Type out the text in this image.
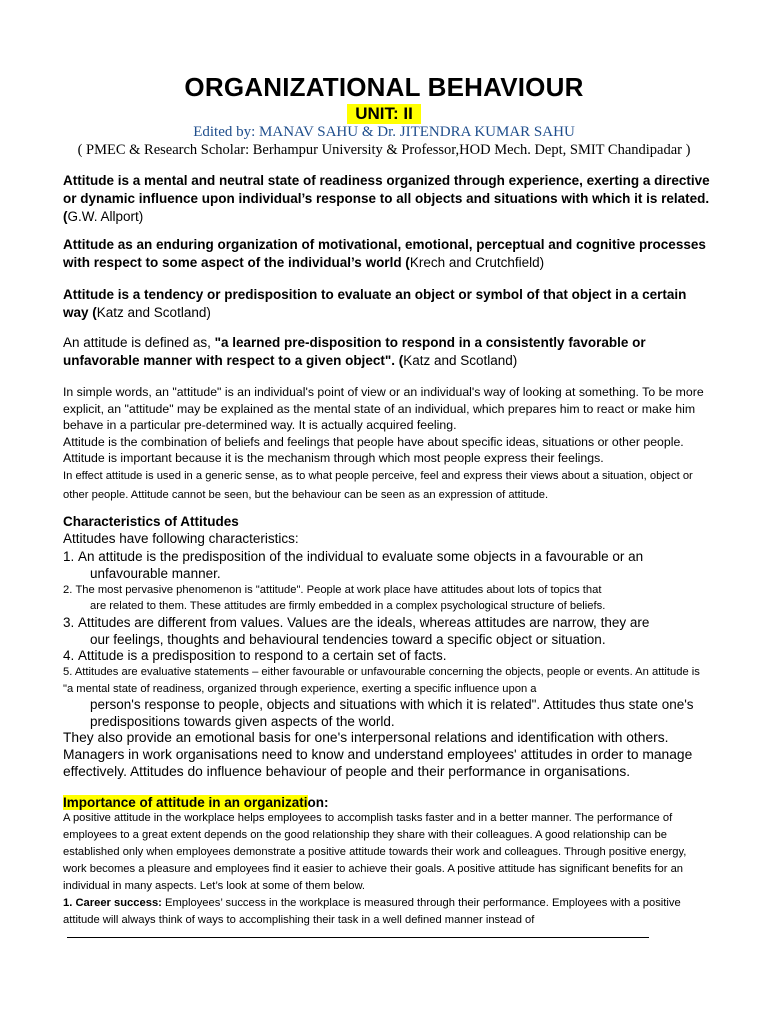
ORGANIZATIONAL BEHAVIOUR
UNIT: II
Edited by: MANAV SAHU & Dr. JITENDRA KUMAR SAHU
( PMEC & Research Scholar: Berhampur University & Professor,HOD Mech. Dept, SMIT Chandipadar )
Attitude is a mental and neutral state of readiness organized through experience, exerting a directive or dynamic influence upon individual’s response to all objects and situations with which it is related. (G.W. Allport)
Attitude as an enduring organization of motivational, emotional, perceptual and cognitive processes with respect to some aspect of the individual’s world (Krech and Crutchfield)
Attitude is a tendency or predisposition to evaluate an object or symbol of that object in a certain way (Katz and Scotland)
An attitude is defined as, "a learned pre-disposition to respond in a consistently favorable or unfavorable manner with respect to a given object". (Katz and Scotland)
In simple words, an "attitude" is an individual's point of view or an individual's way of looking at something. To be more explicit, an "attitude" may be explained as the mental state of an individual, which prepares him to react or make him behave in a particular pre-determined way. It is actually acquired feeling.
Attitude is the combination of beliefs and feelings that people have about specific ideas, situations or other people. Attitude is important because it is the mechanism through which most people express their feelings.
In effect attitude is used in a generic sense, as to what people perceive, feel and express their views about a situation, object or other people. Attitude cannot be seen, but the behaviour can be seen as an expression of attitude.
Characteristics of Attitudes
Attitudes have following characteristics:
1.
An attitude is the predisposition of the individual to evaluate some objects in a favourable or an
unfavourable manner.
2.
The most pervasive phenomenon is "attitude". People at work place have attitudes about lots of topics that
are related to them. These attitudes are firmly embedded in a complex psychological structure of beliefs.
3.
Attitudes are different from values. Values are the ideals, whereas attitudes are narrow, they are
our feelings, thoughts and behavioural tendencies toward a specific object or situation.
4.
Attitude is a predisposition to respond to a certain set of facts.
5. Attitudes are evaluative statements – either favourable or unfavourable concerning the objects, people or events. An attitude is "a mental state of readiness, organized through experience, exerting a specific influence upon a
person's response to people, objects and situations with which it is related". Attitudes thus state one's predispositions towards given aspects of the world.
They also provide an emotional basis for one's interpersonal relations and identification with others. Managers in work organisations need to know and understand employees' attitudes in order to manage effectively. Attitudes do influence behaviour of people and their performance in organisations.
Importance of attitude in an organization:
A positive attitude in the workplace helps employees to accomplish tasks faster and in a better manner. The performance of employees to a great extent depends on the good relationship they share with their colleagues. A good relationship can be established only when employees demonstrate a positive attitude towards their work and colleagues. Through positive energy, work becomes a pleasure and employees find it easier to achieve their goals. A positive attitude has significant benefits for an individual in many aspects. Let’s look at some of them below.
1. Career success: Employees’ success in the workplace is measured through their performance. Employees with a positive attitude will always think of ways to accomplishing their task in a well defined manner instead of
